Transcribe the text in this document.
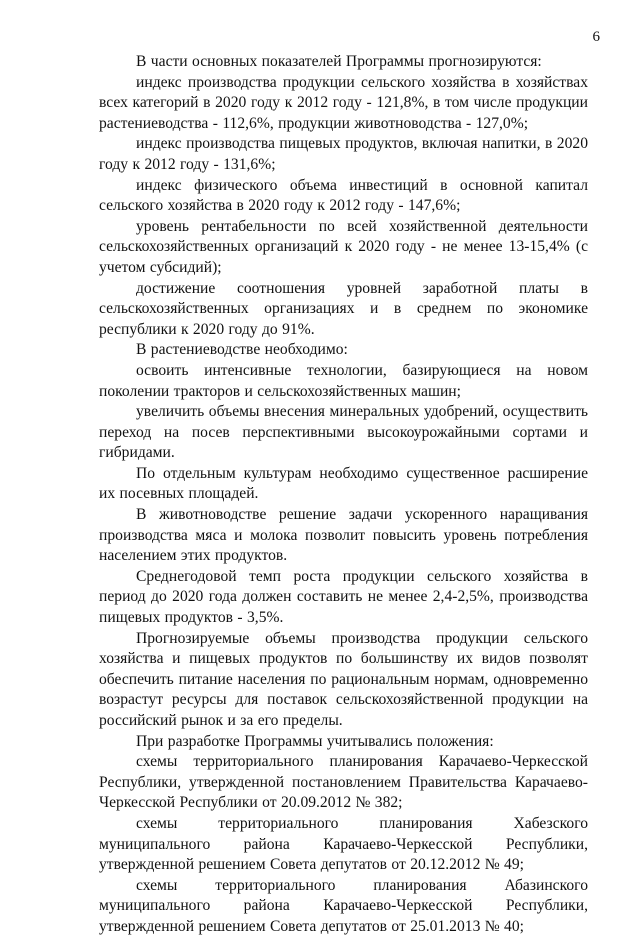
6

В части основных показателей Программы прогнозируются:

индекс производства продукции сельского хозяйства в хозяйствах всех категорий в 2020 году к 2012 году - 121,8%, в том числе продукции растениеводства - 112,6%, продукции животноводства - 127,0%;

индекс производства пищевых продуктов, включая напитки, в 2020 году к 2012 году - 131,6%;

индекс физического объема инвестиций в основной капитал сельского хозяйства в 2020 году к 2012 году - 147,6%;

уровень рентабельности по всей хозяйственной деятельности сельскохозяйственных организаций к 2020 году - не менее 13-15,4% (с учетом субсидий);

достижение соотношения уровней заработной платы в сельскохозяйственных организациях и в среднем по экономике республики к 2020 году до 91%.

В растениеводстве необходимо:

освоить интенсивные технологии, базирующиеся на новом поколении тракторов и сельскохозяйственных машин;

увеличить объемы внесения минеральных удобрений, осуществить переход на посев перспективными высокоурожайными сортами и гибридами.

По отдельным культурам необходимо существенное расширение их посевных площадей.

В животноводстве решение задачи ускоренного наращивания производства мяса и молока позволит повысить уровень потребления населением этих продуктов.

Среднегодовой темп роста продукции сельского хозяйства в период до 2020 года должен составить не менее 2,4-2,5%, производства пищевых продуктов - 3,5%.

Прогнозируемые объемы производства продукции сельского хозяйства и пищевых продуктов по большинству их видов позволят обеспечить питание населения по рациональным нормам, одновременно возрастут ресурсы для поставок сельскохозяйственной продукции на российский рынок и за его пределы.

При разработке Программы учитывались положения:

схемы территориального планирования Карачаево-Черкесской Республики, утвержденной постановлением Правительства Карачаево-Черкесской Республики от 20.09.2012 № 382;

схемы территориального планирования Хабезского муниципального района Карачаево-Черкесской Республики, утвержденной решением Совета депутатов от 20.12.2012 № 49;

схемы территориального планирования Абазинского муниципального района Карачаево-Черкесской Республики, утвержденной решением Совета депутатов от 25.01.2013 № 40;
